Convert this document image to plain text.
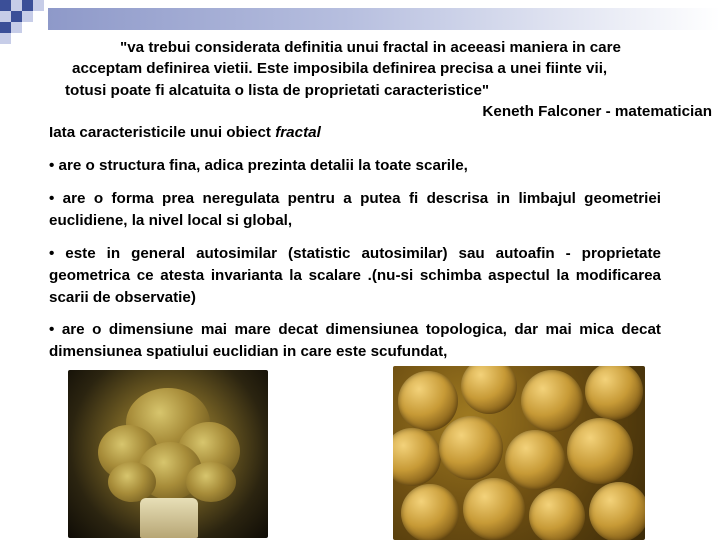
"va trebui considerata definitia unui fractal in aceeasi maniera in care
acceptam definirea vietii. Este imposibila definirea precisa a unei fiinte vii,
totusi poate fi alcatuita o lista de proprietati caracteristice"
Keneth Falconer - matematician
Iata caracteristicile unui obiect fractal
• are o structura fina, adica prezinta detalii la toate scarile,
• are o forma prea neregulata pentru a putea fi descrisa in limbajul geometriei euclidiene, la nivel local si global,
• este in general autosimilar (statistic autosimilar) sau autoafin - proprietate geometrica ce atesta invarianta la scalare .(nu-si schimba aspectul la modificarea scarii de observatie)
• are o dimensiune mai mare decat dimensiunea topologica, dar mai mica decat dimensiunea spatiului euclidian in care este scufundat,
